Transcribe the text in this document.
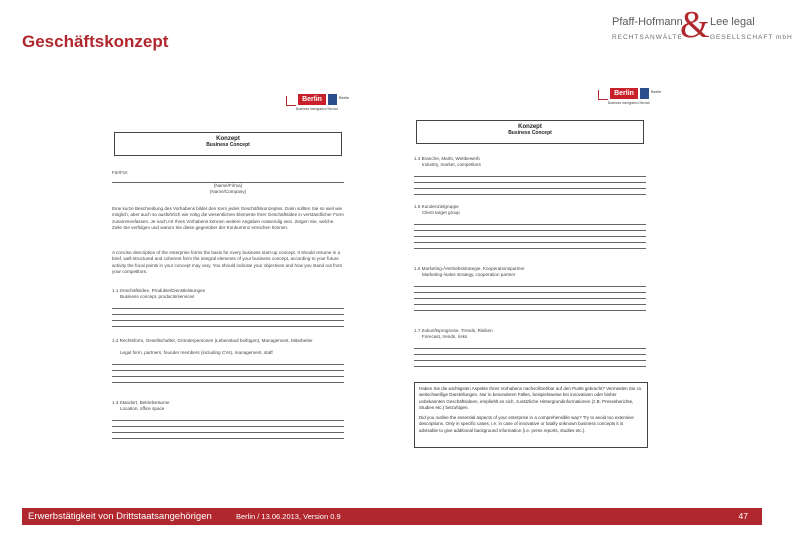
Geschäftskonzept
Pfaff-Hofmann
& Lee legal
RECHTSANWÄLTE	GESELLSCHAFT mbH
Berlin	Berlin
Business Immigration Service
Konzept
Business Concept
Für/For:
(Name/Firma)
(Name/Company)
Eine kurze Beschreibung des Vorhabens bildet den Kern jedes Geschäftskonzeptes. Darin sollten Sie so weit wie möglich, aber auch so ausführlich wie nötig die wesentlichen Elemente Ihrer Geschäftsidee in verständlicher Form zusammenfassen. Je nach Art Ihres Vorhabens können weitere Angaben notwendig sein. Zeigen Sie, welche Ziele Sie verfolgen und warum Sie diese gegenüber der Konkurrenz erreichen können.
A concise description of the enterprise forms the basis for every business start-up concept. It should resume in a brief, well-structured and coherent form the integral elements of your business concept, according to your future activity the focal points in your concept may vary. You should indicate your objectives and how you stand out from your competitors.
1.1 Geschäftsidee, Produkte/Dienstleistungen
Business concept, products/services
1.2 Rechtsform, Gesellschafter, Gründerpersonen (Lebenslauf beifügen), Management, Mitarbeiter
Legal form, partners, founder members (including CVs), management, staff
1.3 Standort, Betriebsräume
Location, office space
Berlin	Berlin
Business Immigration Service
Konzept
Business Concept
1.4 Branche, Markt, Wettbewerb
Industry, market, competitors
1.5 Kundenzielgruppe
Client target group
1.6 Marketing-/Vertriebsstrategie, Kooperationspartner
Marketing-/sales strategy, cooperation partner
1.7 Zukunftsprognose, Trends, Risiken
Forecast, trends, risks

Haben Sie die wichtigsten Aspekte Ihres Vorhabens nachvollziehbar auf den Punkt gebracht? Vermeiden Sie zu weitschweifige Darstellungen. Nur in besonderen Fällen, beispielsweise bei innovativen oder bisher unbekannten Geschäftsideen, empfiehlt es sich, zusätzliche Hintergrundinformationen (z.B. Presseberichte, Studien etc.) beizufügen.

Did you outline the essential aspects of your enterprise in a comprehensible way? Try to avoid too extensive descriptions. Only in specific cases, i.e. in case of innovative or totally unknown business concepts it is advisable to give additional background information (i.e. press reports, studies etc.).

Erwerbstätigkeit von Drittstaatsangehörigen	Berlin / 13.06.2013, Version 0.9	47
